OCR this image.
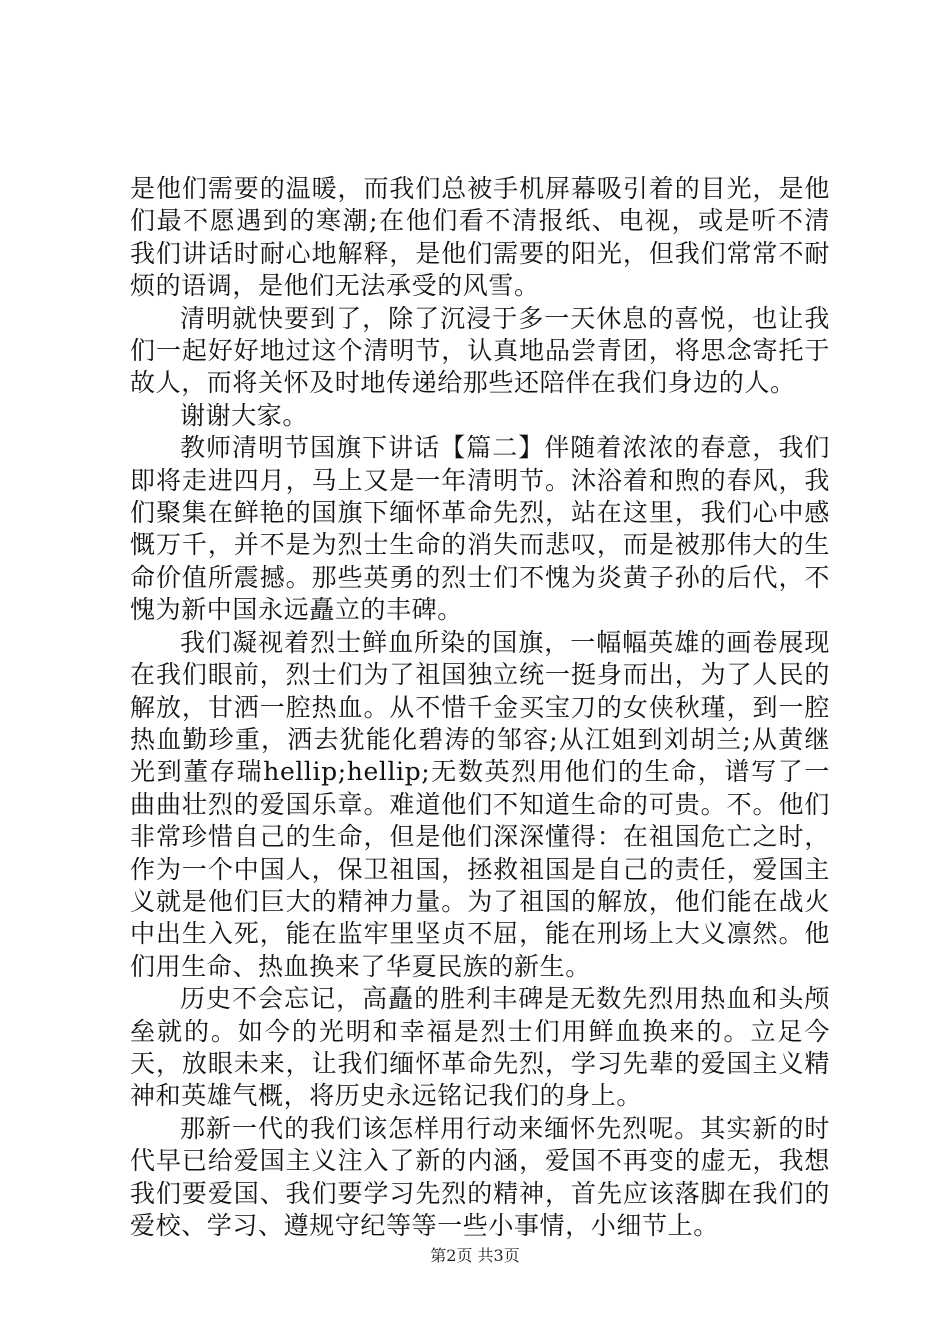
是他们需要的温暖，而我们总被手机屏幕吸引着的目光，是他们最不愿遇到的寒潮;在他们看不清报纸、电视，或是听不清我们讲话时耐心地解释，是他们需要的阳光，但我们常常不耐烦的语调，是他们无法承受的风雪。

清明就快要到了，除了沉浸于多一天休息的喜悦，也让我们一起好好地过这个清明节，认真地品尝青团，将思念寄托于故人，而将关怀及时地传递给那些还陪伴在我们身边的人。

谢谢大家。

教师清明节国旗下讲话【篇二】伴随着浓浓的春意，我们即将走进四月，马上又是一年清明节。沐浴着和煦的春风，我们聚集在鲜艳的国旗下缅怀革命先烈，站在这里，我们心中感慨万千，并不是为烈士生命的消失而悲叹，而是被那伟大的生命价值所震撼。那些英勇的烈士们不愧为炎黄子孙的后代，不愧为新中国永远矗立的丰碑。

我们凝视着烈士鲜血所染的国旗，一幅幅英雄的画卷展现在我们眼前，烈士们为了祖国独立统一挺身而出，为了人民的解放，甘洒一腔热血。从不惜千金买宝刀的女侠秋瑾，到一腔热血勤珍重，洒去犹能化碧涛的邹容;从江姐到刘胡兰;从黄继光到董存瑞hellip;hellip;无数英烈用他们的生命，谱写了一曲曲壮烈的爱国乐章。难道他们不知道生命的可贵。不。他们非常珍惜自己的生命，但是他们深深懂得：在祖国危亡之时，作为一个中国人，保卫祖国，拯救祖国是自己的责任，爱国主义就是他们巨大的精神力量。为了祖国的解放，他们能在战火中出生入死，能在监牢里坚贞不屈，能在刑场上大义凛然。他们用生命、热血换来了华夏民族的新生。

历史不会忘记，高矗的胜利丰碑是无数先烈用热血和头颅垒就的。如今的光明和幸福是烈士们用鲜血换来的。立足今天，放眼未来，让我们缅怀革命先烈，学习先辈的爱国主义精神和英雄气概，将历史永远铭记我们的身上。

那新一代的我们该怎样用行动来缅怀先烈呢。其实新的时代早已给爱国主义注入了新的内涵，爱国不再变的虚无，我想我们要爱国、我们要学习先烈的精神，首先应该落脚在我们的爱校、学习、遵规守纪等等一些小事情，小细节上。

第2页 共3页
